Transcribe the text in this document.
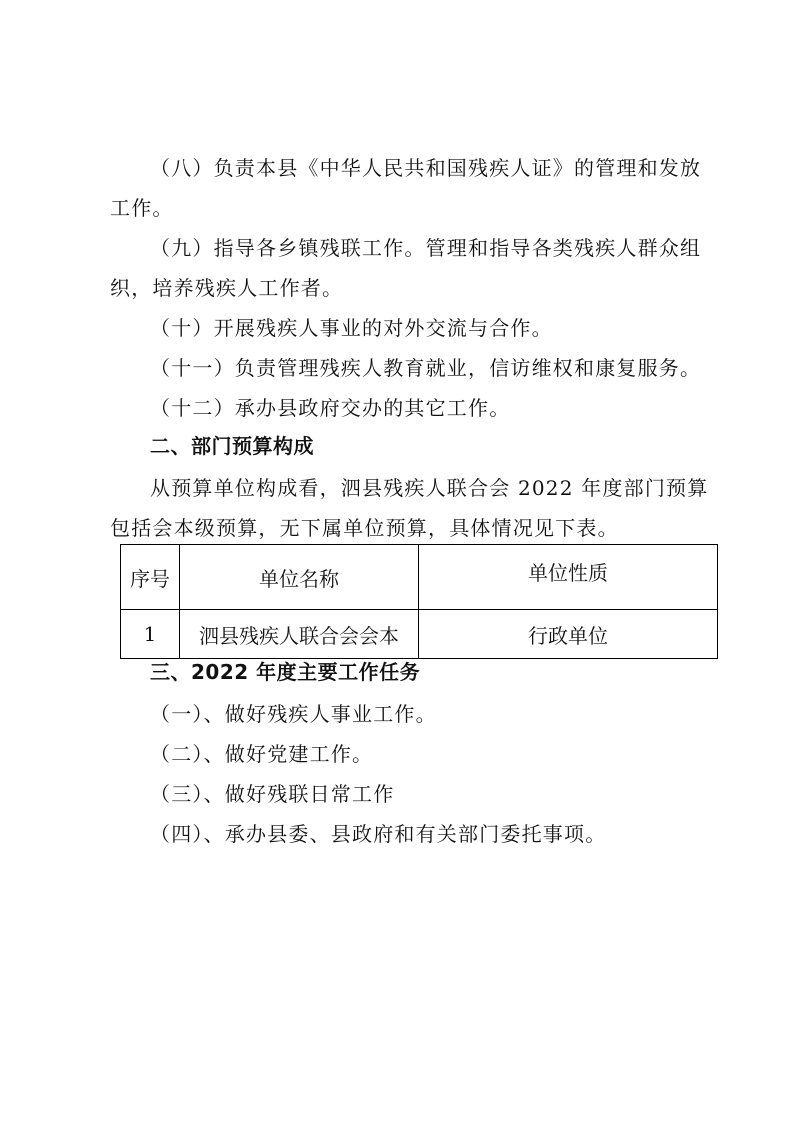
（八）负责本县《中华人民共和国残疾人证》的管理和发放
工作。
（九）指导各乡镇残联工作。管理和指导各类残疾人群众组
织，培养残疾人工作者。
（十）开展残疾人事业的对外交流与合作。
（十一）负责管理残疾人教育就业，信访维权和康复服务。
（十二）承办县政府交办的其它工作。
二、部门预算构成
从预算单位构成看，泗县残疾人联合会 2022 年度部门预算
包括会本级预算，无下属单位预算，具体情况见下表。
序号	单位名称	单位性质
1	泗县残疾人联合会会本	行政单位
三、2022 年度主要工作任务
（一）、做好残疾人事业工作。
（二）、做好党建工作。
（三）、做好残联日常工作
（四）、承办县委、县政府和有关部门委托事项。
